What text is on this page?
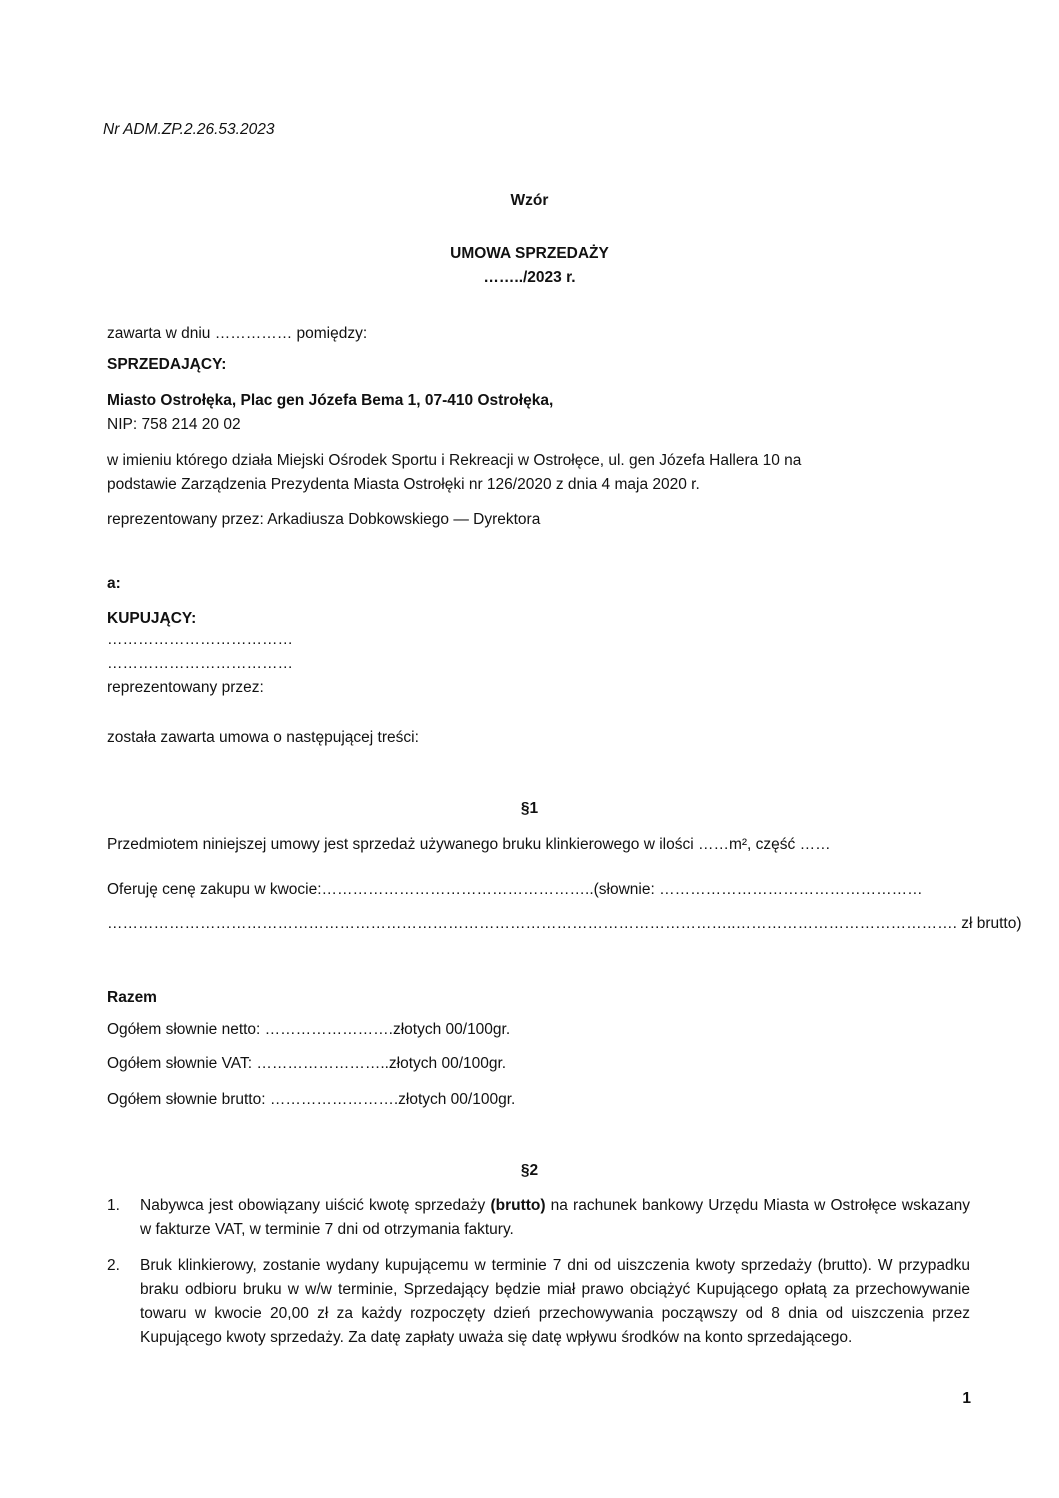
Nr ADM.ZP.2.26.53.2023
Wzór
UMOWA SPRZEDAŻY
……../2023 r.
zawarta w dniu …………… pomiędzy:
SPRZEDAJĄCY:
Miasto Ostrołęka, Plac gen Józefa Bema 1, 07-410 Ostrołęka,
NIP: 758 214 20 02
w imieniu którego działa Miejski Ośrodek Sportu i Rekreacji w Ostrołęce, ul. gen Józefa Hallera 10 na
podstawie Zarządzenia Prezydenta Miasta Ostrołęki nr 126/2020 z dnia 4 maja 2020 r.
reprezentowany przez: Arkadiusza Dobkowskiego — Dyrektora
a:
KUPUJĄCY:
………………………………
………………………………
reprezentowany przez:
została zawarta umowa o następującej treści:
§1
Przedmiotem niniejszej umowy jest sprzedaż używanego bruku klinkierowego w ilości ……m², część ……
Oferuję cenę zakupu w kwocie:……………………………………………..(słownie: ……………………………………………
…………………………………………………………………………………………………………..……………………………………. zł brutto)
Razem
Ogółem słownie netto: …………………….złotych 00/100gr.
Ogółem słownie VAT: ……………………..złotych 00/100gr.
Ogółem słownie brutto: …………………….złotych 00/100gr.
§2
1. Nabywca jest obowiązany uiścić kwotę sprzedaży (brutto) na rachunek bankowy Urzędu Miasta w Ostrołęce wskazany w fakturze VAT, w terminie 7 dni od otrzymania faktury.
2. Bruk klinkierowy, zostanie wydany kupującemu w terminie 7 dni od uiszczenia kwoty sprzedaży (brutto). W przypadku braku odbioru bruku w w/w terminie, Sprzedający będzie miał prawo obciążyć Kupującego opłatą za przechowywanie towaru w kwocie 20,00 zł za każdy rozpoczęty dzień przechowywania począwszy od 8 dnia od uiszczenia przez Kupującego kwoty sprzedaży. Za datę zapłaty uważa się datę wpływu środków na konto sprzedającego.
1
